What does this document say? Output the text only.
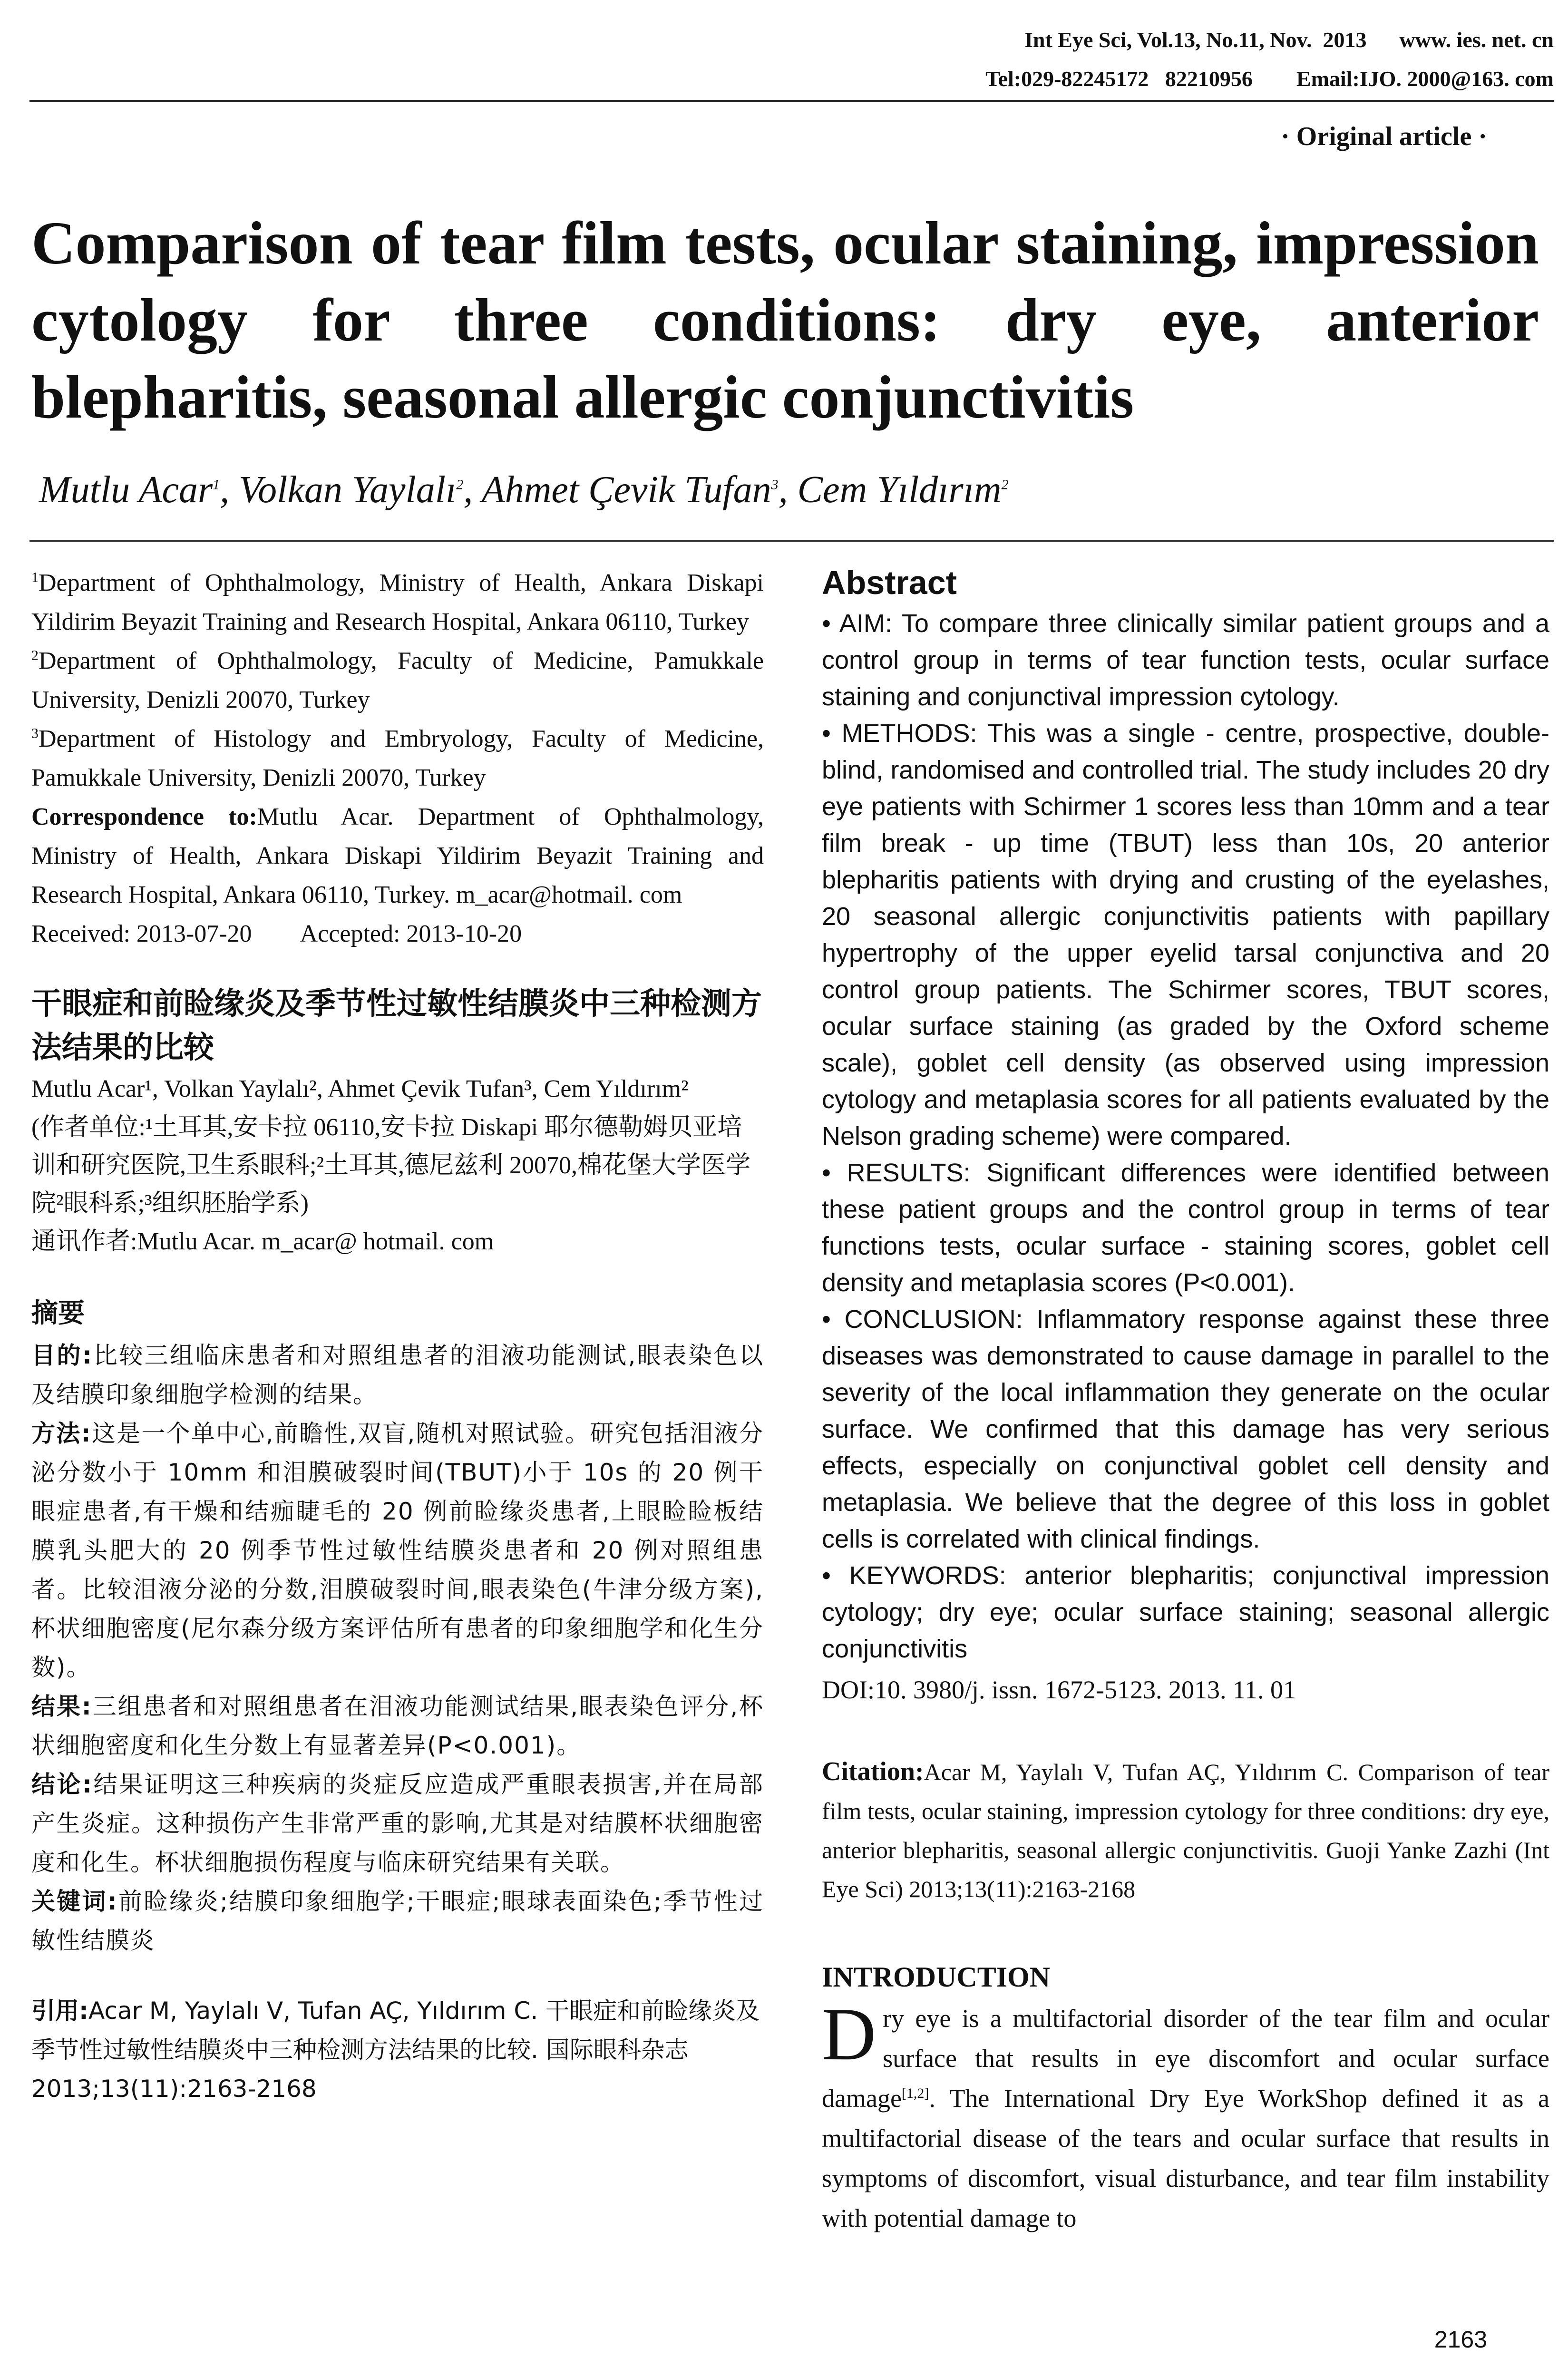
Int Eye Sci, Vol.13, No.11, Nov.  2013      www. ies. net. cn
Tel:029-82245172   82210956        Email:IJO. 2000@163. com
· Original article ·
Comparison of tear film tests, ocular staining, impression cytology for three conditions: dry eye, anterior blepharitis, seasonal allergic conjunctivitis
Mutlu Acar$^1$, Volkan Yaylalı$^2$, Ahmet Çevik Tufan$^3$, Cem Yıldırım$^2$

$^1$Department of Ophthalmology, Ministry of Health, Ankara Diskapi Yildirim Beyazit Training and Research Hospital, Ankara 06110, Turkey

$^2$Department of Ophthalmology, Faculty of Medicine, Pamukkale University, Denizli 20070, Turkey

$^3$Department of Histology and Embryology, Faculty of Medicine, Pamukkale University, Denizli 20070, Turkey

Correspondence to:Mutlu Acar. Department of Ophthalmology, Ministry of Health, Ankara Diskapi Yildirim Beyazit Training and Research Hospital, Ankara 06110, Turkey. m_acar@hotmail. com

Received: 2013-07-20        Accepted: 2013-10-20
干眼症和前睑缘炎及季节性过敏性结膜炎中三种检测方法结果的比较
Mutlu Acar¹, Volkan Yaylalı², Ahmet Çevik Tufan³, Cem Yıldırım²
(作者单位:¹土耳其,安卡拉 06110,安卡拉 Diskapi 耶尔德勒姆贝亚培训和研究医院,卫生系眼科;²土耳其,德尼兹利 20070,棉花堡大学医学院²眼科系;³组织胚胎学系)
通讯作者:Mutlu Acar. m_acar@ hotmail. com
摘要

目的:比较三组临床患者和对照组患者的泪液功能测试,眼表染色以及结膜印象细胞学检测的结果。

方法:这是一个单中心,前瞻性,双盲,随机对照试验。研究包括泪液分泌分数小于 10mm 和泪膜破裂时间(TBUT)小于 10s 的 20 例干眼症患者,有干燥和结痂睫毛的 20 例前睑缘炎患者,上眼睑睑板结膜乳头肥大的 20 例季节性过敏性结膜炎患者和 20 例对照组患者。比较泪液分泌的分数,泪膜破裂时间,眼表染色(牛津分级方案),杯状细胞密度(尼尔森分级方案评估所有患者的印象细胞学和化生分数)。

结果:三组患者和对照组患者在泪液功能测试结果,眼表染色评分,杯状细胞密度和化生分数上有显著差异(P<0.001)。

结论:结果证明这三种疾病的炎症反应造成严重眼表损害,并在局部产生炎症。这种损伤产生非常严重的影响,尤其是对结膜杯状细胞密度和化生。杯状细胞损伤程度与临床研究结果有关联。

关键词:前睑缘炎;结膜印象细胞学;干眼症;眼球表面染色;季节性过敏性结膜炎

引用:Acar M, Yaylalı V, Tufan AÇ, Yıldırım C. 干眼症和前睑缘炎及季节性过敏性结膜炎中三种检测方法结果的比较. 国际眼科杂志 2013;13(11):2163-2168
Abstract

• AIM: To compare three clinically similar patient groups and a control group in terms of tear function tests, ocular surface staining and conjunctival impression cytology.

• METHODS: This was a single - centre, prospective, double-blind, randomised and controlled trial. The study includes 20 dry eye patients with Schirmer 1 scores less than 10mm and a tear film break - up time (TBUT) less than 10s, 20 anterior blepharitis patients with drying and crusting of the eyelashes, 20 seasonal allergic conjunctivitis patients with papillary hypertrophy of the upper eyelid tarsal conjunctiva and 20 control group patients. The Schirmer scores, TBUT scores, ocular surface staining (as graded by the Oxford scheme scale), goblet cell density (as observed using impression cytology and metaplasia scores for all patients evaluated by the Nelson grading scheme) were compared.

• RESULTS: Significant differences were identified between these patient groups and the control group in terms of tear functions tests, ocular surface - staining scores, goblet cell density and metaplasia scores (P<0.001).

• CONCLUSION: Inflammatory response against these three diseases was demonstrated to cause damage in parallel to the severity of the local inflammation they generate on the ocular surface. We confirmed that this damage has very serious effects, especially on conjunctival goblet cell density and metaplasia. We believe that the degree of this loss in goblet cells is correlated with clinical findings.

• KEYWORDS: anterior blepharitis; conjunctival impression cytology; dry eye; ocular surface staining; seasonal allergic conjunctivitis

DOI:10. 3980/j. issn. 1672-5123. 2013. 11. 01
Citation:Acar M, Yaylalı V, Tufan AÇ, Yıldırım C. Comparison of tear film tests, ocular staining, impression cytology for three conditions: dry eye, anterior blepharitis, seasonal allergic conjunctivitis. Guoji Yanke Zazhi (Int Eye Sci) 2013;13(11):2163-2168
INTRODUCTION

Dry eye is a multifactorial disorder of the tear film and ocular surface that results in eye discomfort and ocular surface damage[1,2]. The International Dry Eye WorkShop defined it as a multifactorial disease of the tears and ocular surface that results in symptoms of discomfort, visual disturbance, and tear film instability with potential damage to

2163
